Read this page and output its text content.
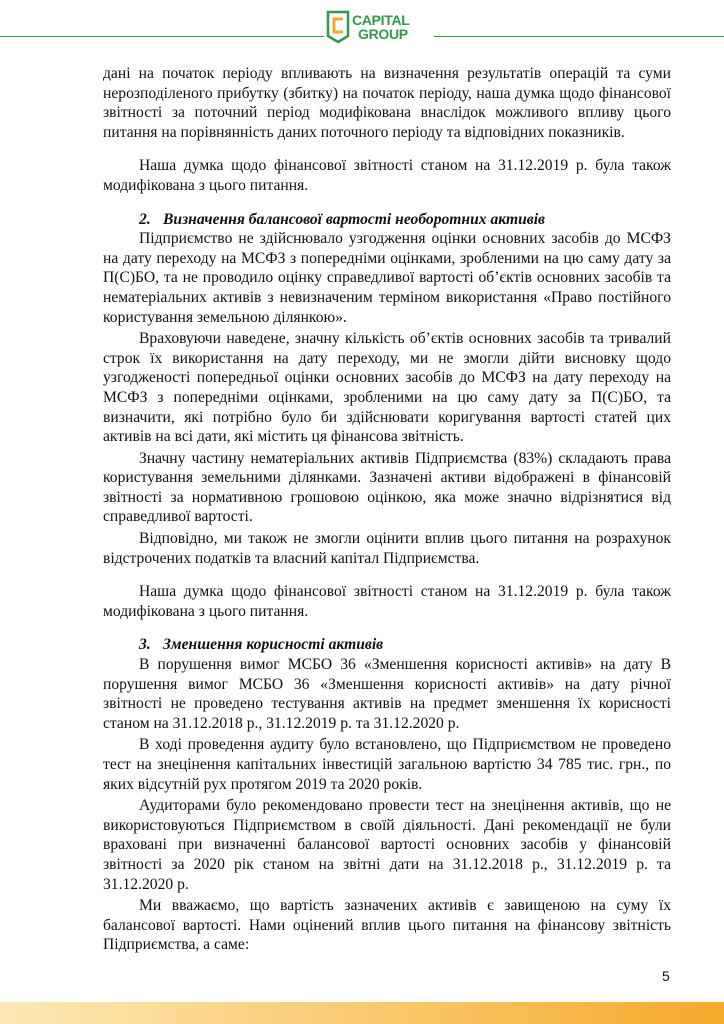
CAPITAL
GROUP

дані на початок періоду впливають на визначення результатів операцій та суми нерозподіленого прибутку (збитку) на початок періоду, наша думка щодо фінансової звітності за поточний період модифікована внаслідок можливого впливу цього питання на порівнянність даних поточного періоду та відповідних показників.

Наша думка щодо фінансової звітності станом на 31.12.2019 р. була також модифікована з цього питання.

2. Визначення балансової вартості необоротних активів

Підприємство не здійснювало узгодження оцінки основних засобів до МСФЗ на дату переходу на МСФЗ з попередніми оцінками, зробленими на цю саму дату за П(С)БО, та не проводило оцінку справедливої вартості об’єктів основних засобів та нематеріальних активів з невизначеним терміном використання «Право постійного користування земельною ділянкою».

Враховуючи наведене, значну кількість об’єктів основних засобів та тривалий строк їх використання на дату переходу, ми не змогли дійти висновку щодо узгодженості попередньої оцінки основних засобів до МСФЗ на дату переходу на МСФЗ з попередніми оцінками, зробленими на цю саму дату за П(С)БО, та визначити, які потрібно було би здійснювати коригування вартості статей цих активів на всі дати, які містить ця фінансова звітність.

Значну частину нематеріальних активів Підприємства (83%) складають права користування земельними ділянками. Зазначені активи відображені в фінансовій звітності за нормативною грошовою оцінкою, яка може значно відрізнятися від справедливої вартості.

Відповідно, ми також не змогли оцінити вплив цього питання на розрахунок відстрочених податків та власний капітал Підприємства.

Наша думка щодо фінансової звітності станом на 31.12.2019 р. була також модифікована з цього питання.

3. Зменшення корисності активів

В порушення вимог МСБО 36 «Зменшення корисності активів» на дату В порушення вимог МСБО 36 «Зменшення корисності активів» на дату річної звітності не проведено тестування активів на предмет зменшення їх корисності станом на 31.12.2018 р., 31.12.2019 р. та 31.12.2020 р.

В ході проведення аудиту було встановлено, що Підприємством не проведено тест на знецінення капітальних інвестицій загальною вартістю 34 785 тис. грн., по яких відсутній рух протягом 2019 та 2020 років.

Аудиторами було рекомендовано провести тест на знецінення активів, що не використовуються Підприємством в своїй діяльності. Дані рекомендації не були враховані при визначенні балансової вартості основних засобів у фінансовій звітності за 2020 рік станом на звітні дати на 31.12.2018 р., 31.12.2019 р. та 31.12.2020 р.

Ми вважаємо, що вартість зазначених активів є завищеною на суму їх балансової вартості. Нами оцінений вплив цього питання на фінансову звітність Підприємства, а саме:

5
